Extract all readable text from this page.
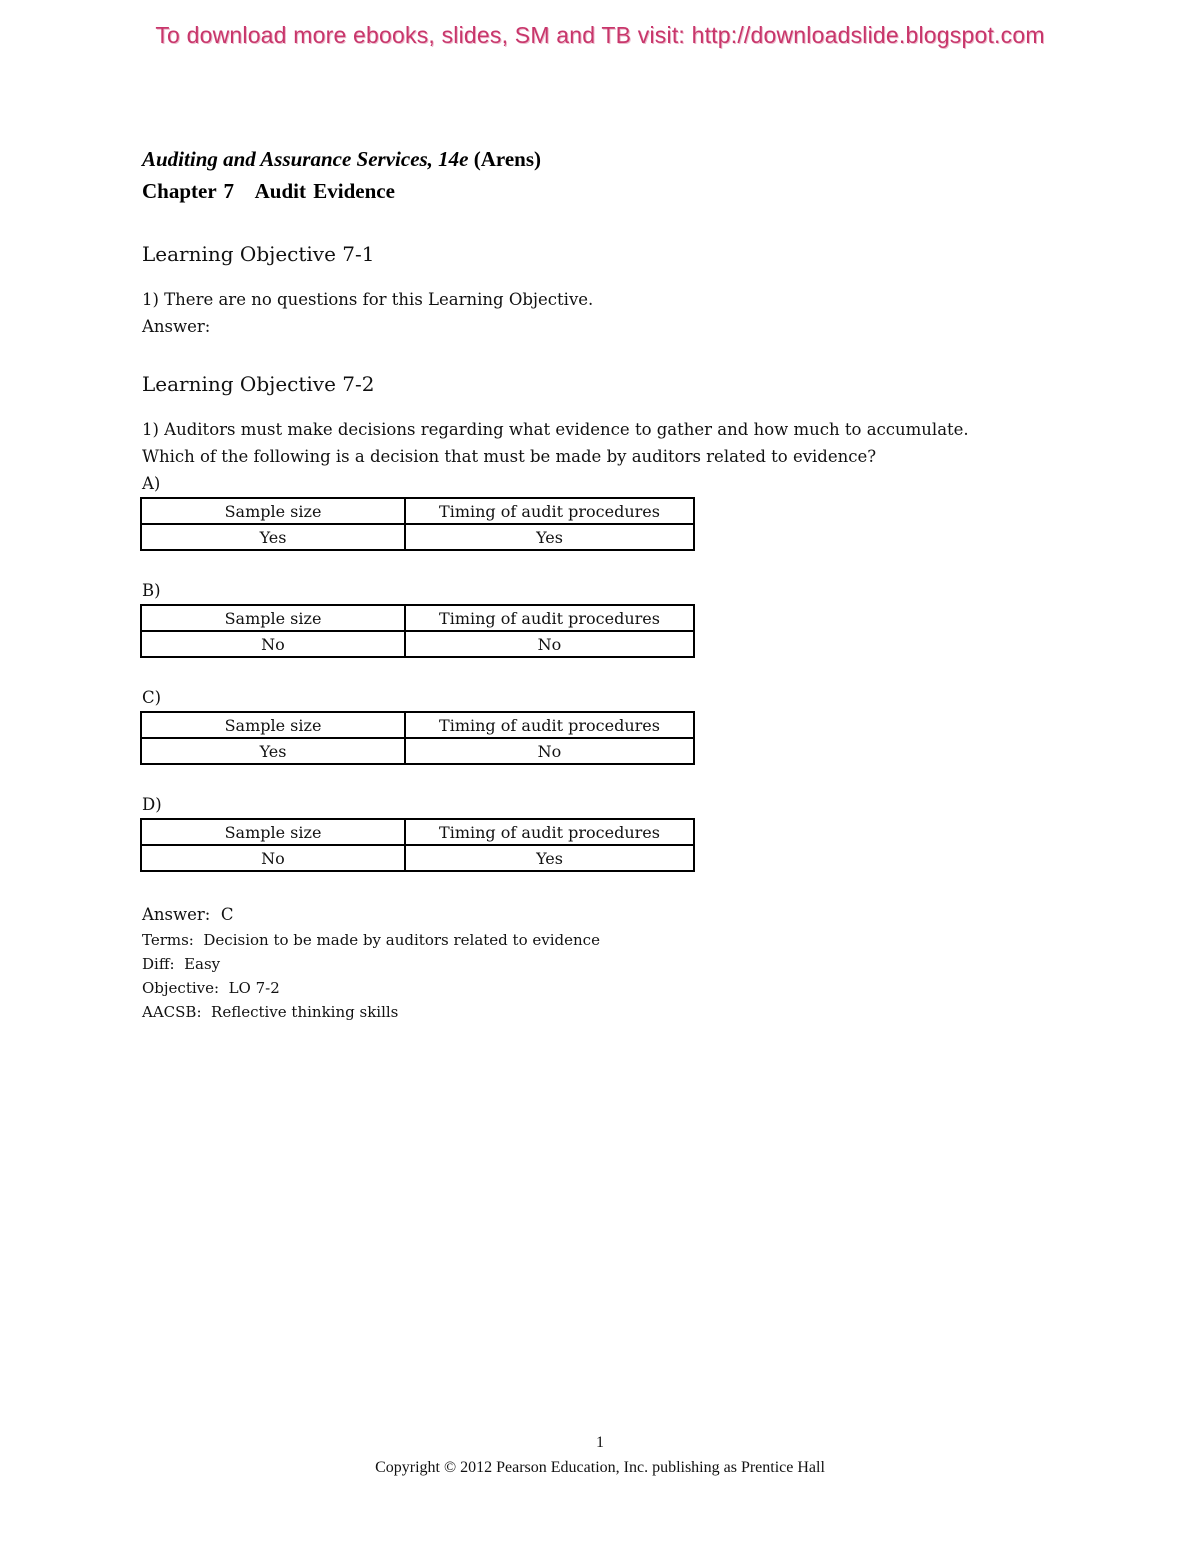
To download more ebooks, slides, SM and TB visit: http://downloadslide.blogspot.com
Auditing and Assurance Services, 14e (Arens)
Chapter 7   Audit Evidence
Learning Objective 7-1
1) There are no questions for this Learning Objective.
Answer:
Learning Objective 7-2
1) Auditors must make decisions regarding what evidence to gather and how much to accumulate.
Which of the following is a decision that must be made by auditors related to evidence?
A)
Sample size	Timing of audit procedures
Yes	Yes
B)
Sample size	Timing of audit procedures
No	No
C)
Sample size	Timing of audit procedures
Yes	No
D)
Sample size	Timing of audit procedures
No	Yes
Answer:  C
Terms:  Decision to be made by auditors related to evidence
Diff:  Easy
Objective:  LO 7-2
AACSB:  Reflective thinking skills
1
Copyright © 2012 Pearson Education, Inc. publishing as Prentice Hall
